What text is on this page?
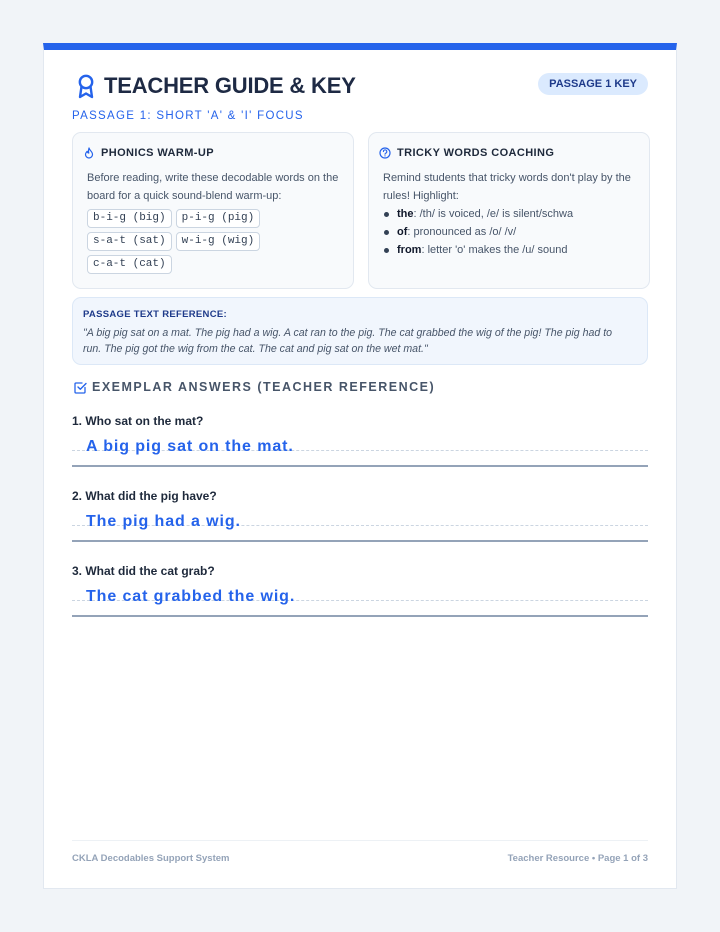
TEACHER GUIDE & KEY	PASSAGE 1 KEY
PASSAGE 1: SHORT 'A' & 'I' FOCUS
PHONICS WARM-UP
Before reading, write these decodable words on the board for a quick sound-blend warm-up:
b-i-g (big)	p-i-g (pig)
s-a-t (sat)	w-i-g (wig)
c-a-t (cat)
TRICKY WORDS COACHING
Remind students that tricky words don't play by the rules! Highlight:
the: /th/ is voiced, /e/ is silent/schwa
of: pronounced as /o/ /v/
from: letter 'o' makes the /u/ sound
PASSAGE TEXT REFERENCE:
"A big pig sat on a mat. The pig had a wig. A cat ran to the pig. The cat grabbed the wig of the pig! The pig had to run. The pig got the wig from the cat. The cat and pig sat on the wet mat."
EXEMPLAR ANSWERS (TEACHER REFERENCE)
1. Who sat on the mat?
A big pig sat on the mat.
2. What did the pig have?
The pig had a wig.
3. What did the cat grab?
The cat grabbed the wig.
CKLA Decodables Support System	Teacher Resource • Page 1 of 3
